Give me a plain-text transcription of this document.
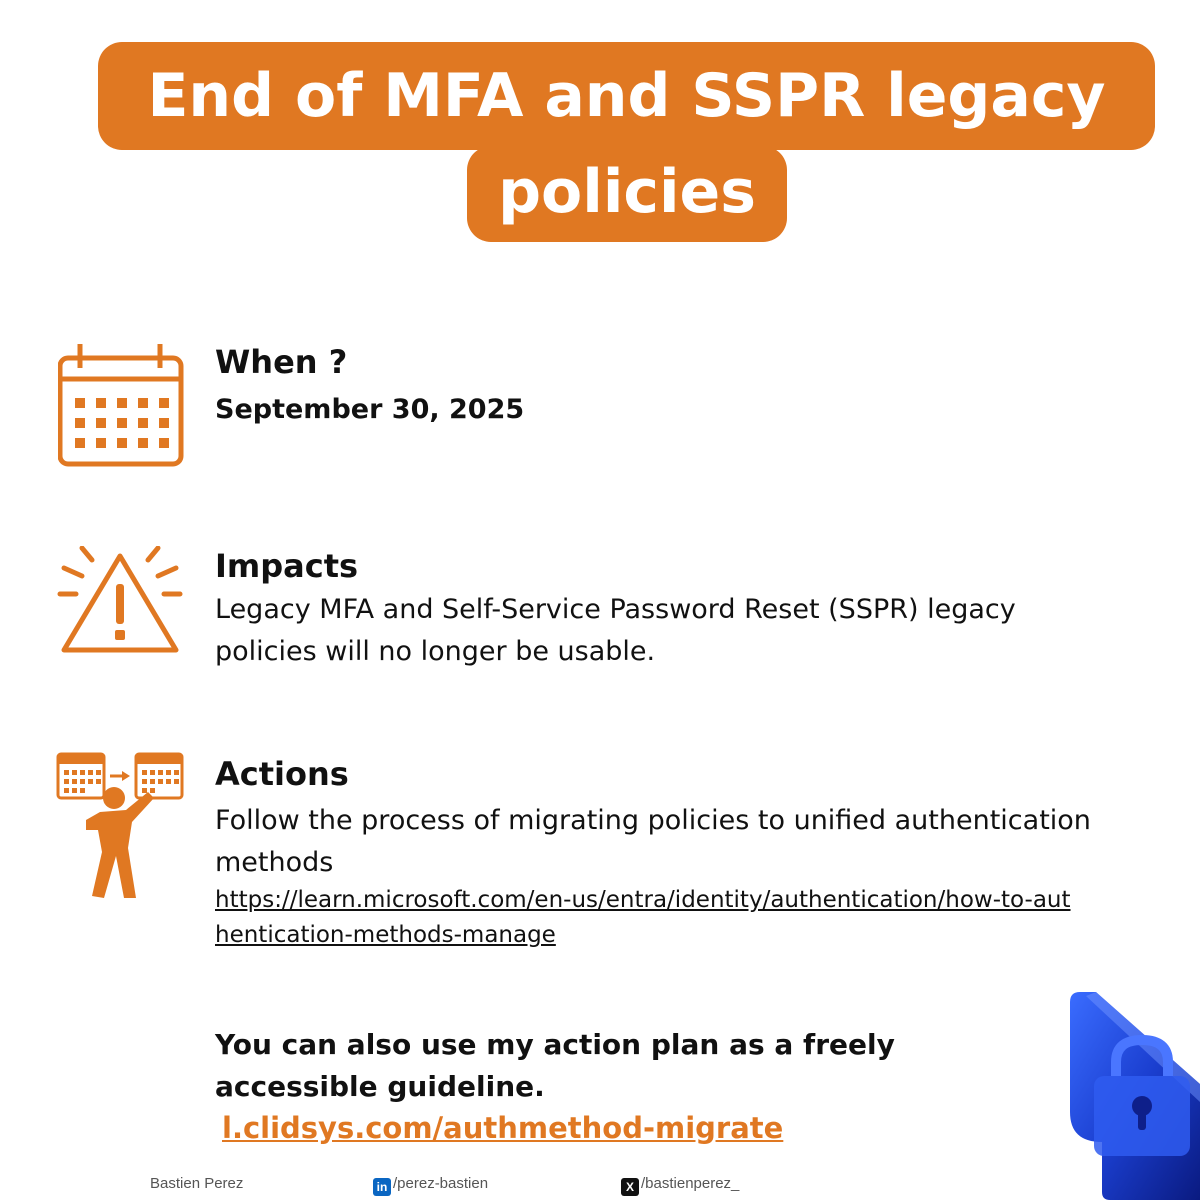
End of MFA and SSPR legacy
policies
When ?
September 30, 2025
Impacts
Legacy MFA and Self-Service Password Reset (SSPR) legacy policies will no longer be usable.
Actions
Follow the process of migrating policies to unified authentication methods
https://learn.microsoft.com/en-us/entra/identity/authentication/how-to-authentication-methods-manage
You can also use my action plan as a freely accessible guideline.
l.clidsys.com/authmethod-migrate
Bastien Perez	in /perez-bastien	X /bastienperez_
